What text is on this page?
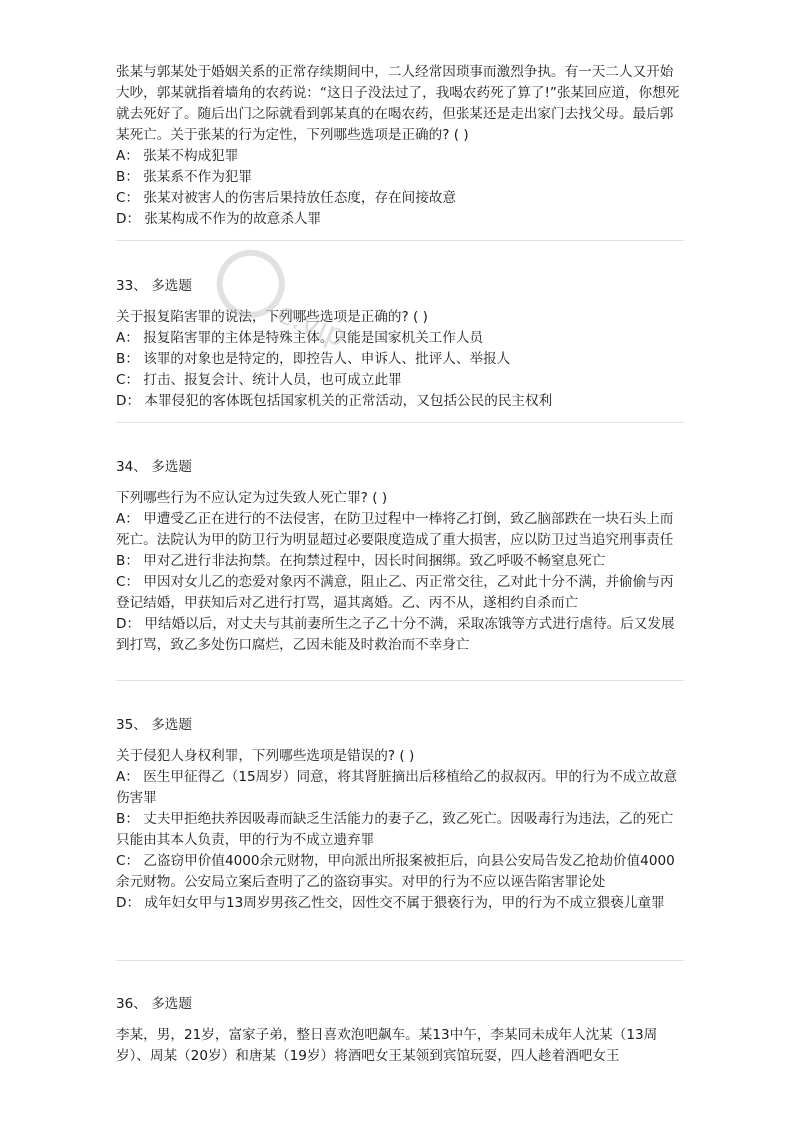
张某与郭某处于婚姻关系的正常存续期间中，二人经常因琐事而激烈争执。有一天二人又开始大吵，郭某就指着墙角的农药说：“这日子没法过了，我喝农药死了算了!”张某回应道，你想死就去死好了。随后出门之际就看到郭某真的在喝农药，但张某还是走出家门去找父母。最后郭某死亡。关于张某的行为定性，下列哪些选项是正确的? ( )

A： 张某不构成犯罪

B： 张某系不作为犯罪

C： 张某对被害人的伤害后果持放任态度，存在间接故意

D： 张某构成不作为的故意杀人罪

33、 多选题

关于报复陷害罪的说法，下列哪些选项是正确的? ( )

A： 报复陷害罪的主体是特殊主体。只能是国家机关工作人员

B： 该罪的对象也是特定的，即控告人、申诉人、批评人、举报人

C： 打击、报复会计、统计人员，也可成立此罪

D： 本罪侵犯的客体既包括国家机关的正常活动，又包括公民的民主权利

c.vip

34、 多选题

下列哪些行为不应认定为过失致人死亡罪? ( )

A： 甲遭受乙正在进行的不法侵害，在防卫过程中一棒将乙打倒，致乙脑部跌在一块石头上而死亡。法院认为甲的防卫行为明显超过必要限度造成了重大损害，应以防卫过当追究刑事责任

B： 甲对乙进行非法拘禁。在拘禁过程中，因长时间捆绑。致乙呼吸不畅窒息死亡

C： 甲因对女儿乙的恋爱对象丙不满意，阻止乙、丙正常交往，乙对此十分不满，并偷偷与丙登记结婚，甲获知后对乙进行打骂，逼其离婚。乙、丙不从，遂相约自杀而亡

D： 甲结婚以后，对丈夫与其前妻所生之子乙十分不满，采取冻饿等方式进行虐待。后又发展到打骂，致乙多处伤口腐烂，乙因未能及时救治而不幸身亡

35、 多选题

关于侵犯人身权利罪，下列哪些选项是错误的? ( )

A： 医生甲征得乙（15周岁）同意，将其肾脏摘出后移植给乙的叔叔丙。甲的行为不成立故意伤害罪

B： 丈夫甲拒绝扶养因吸毒而缺乏生活能力的妻子乙，致乙死亡。因吸毒行为违法，乙的死亡只能由其本人负责，甲的行为不成立遗弃罪

C： 乙盗窃甲价值4000余元财物，甲向派出所报案被拒后，向县公安局告发乙抢劫价值4000余元财物。公安局立案后查明了乙的盗窃事实。对甲的行为不应以诬告陷害罪论处

D： 成年妇女甲与13周岁男孩乙性交，因性交不属于猥亵行为，甲的行为不成立猥亵儿童罪

36、 多选题

李某，男，21岁，富家子弟，整日喜欢泡吧飙车。某13中午，李某同未成年人沈某（13周岁）、周某（20岁）和唐某（19岁）将酒吧女王某领到宾馆玩耍，四人趁着酒吧女王
